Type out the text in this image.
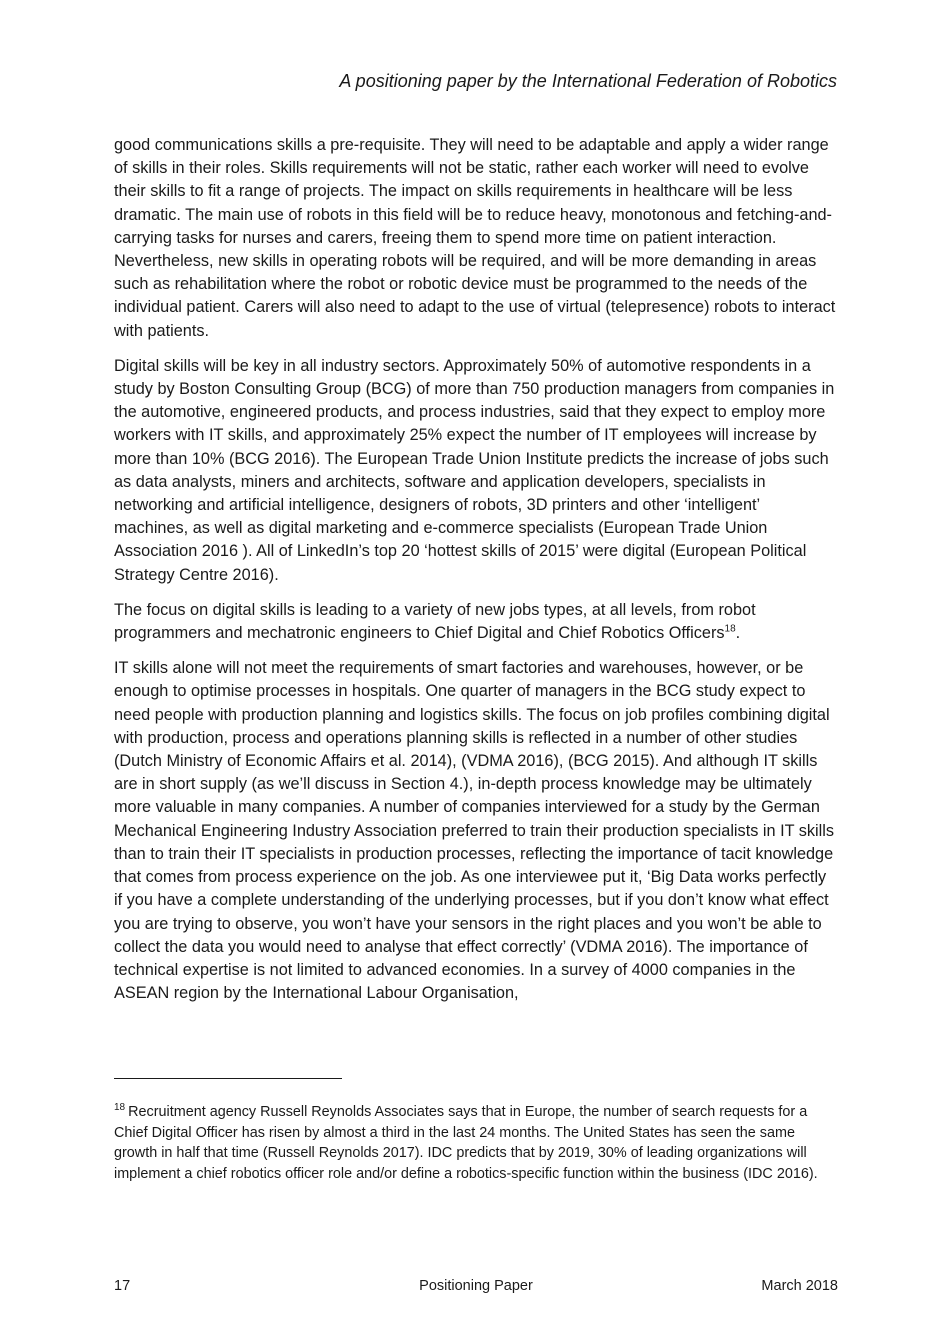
A positioning paper by the International Federation of Robotics

good communications skills a pre-requisite. They will need to be adaptable and apply a wider range of skills in their roles. Skills requirements will not be static, rather each worker will need to evolve their skills to fit a range of projects. The impact on skills requirements in healthcare will be less dramatic. The main use of robots in this field will be to reduce heavy, monotonous and fetching-and-carrying tasks for nurses and carers, freeing them to spend more time on patient interaction. Nevertheless, new skills in operating robots will be required, and will be more demanding in areas such as rehabilitation where the robot or robotic device must be programmed to the needs of the individual patient. Carers will also need to adapt to the use of virtual (telepresence) robots to interact with patients.

Digital skills will be key in all industry sectors. Approximately 50% of automotive respondents in a study by Boston Consulting Group (BCG) of more than 750 production managers from companies in the automotive, engineered products, and process industries, said that they expect to employ more workers with IT skills, and approximately 25% expect the number of IT employees will increase by more than 10% (BCG 2016). The European Trade Union Institute predicts the increase of jobs such as data analysts, miners and architects, software and application developers, specialists in networking and artificial intelligence, designers of robots, 3D printers and other ‘intelligent’ machines, as well as digital marketing and e-commerce specialists (European Trade Union Association 2016 ). All of LinkedIn’s top 20 ‘hottest skills of 2015’ were digital (European Political Strategy Centre 2016).

The focus on digital skills is leading to a variety of new jobs types, at all levels, from robot programmers and mechatronic engineers to Chief Digital and Chief Robotics Officers$^{18}$.

IT skills alone will not meet the requirements of smart factories and warehouses, however, or be enough to optimise processes in hospitals. One quarter of managers in the BCG study expect to need people with production planning and logistics skills. The focus on job profiles combining digital with production, process and operations planning skills is reflected in a number of other studies (Dutch Ministry of Economic Affairs et al. 2014), (VDMA 2016), (BCG 2015). And although IT skills are in short supply (as we’ll discuss in Section 4.), in-depth process knowledge may be ultimately more valuable in many companies. A number of companies interviewed for a study by the German Mechanical Engineering Industry Association preferred to train their production specialists in IT skills than to train their IT specialists in production processes, reflecting the importance of tacit knowledge that comes from process experience on the job. As one interviewee put it, ‘Big Data works perfectly if you have a complete understanding of the underlying processes, but if you don’t know what effect you are trying to observe, you won’t have your sensors in the right places and you won’t be able to collect the data you would need to analyse that effect correctly’ (VDMA 2016). The importance of technical expertise is not limited to advanced economies. In a survey of 4000 companies in the ASEAN region by the International Labour Organisation,

$^{18}$ Recruitment agency Russell Reynolds Associates says that in Europe, the number of search requests for a Chief Digital Officer has risen by almost a third in the last 24 months. The United States has seen the same growth in half that time (Russell Reynolds 2017). IDC predicts that by 2019, 30% of leading organizations will implement a chief robotics officer role and/or define a robotics-specific function within the business (IDC 2016).
17	Positioning Paper	March 2018
